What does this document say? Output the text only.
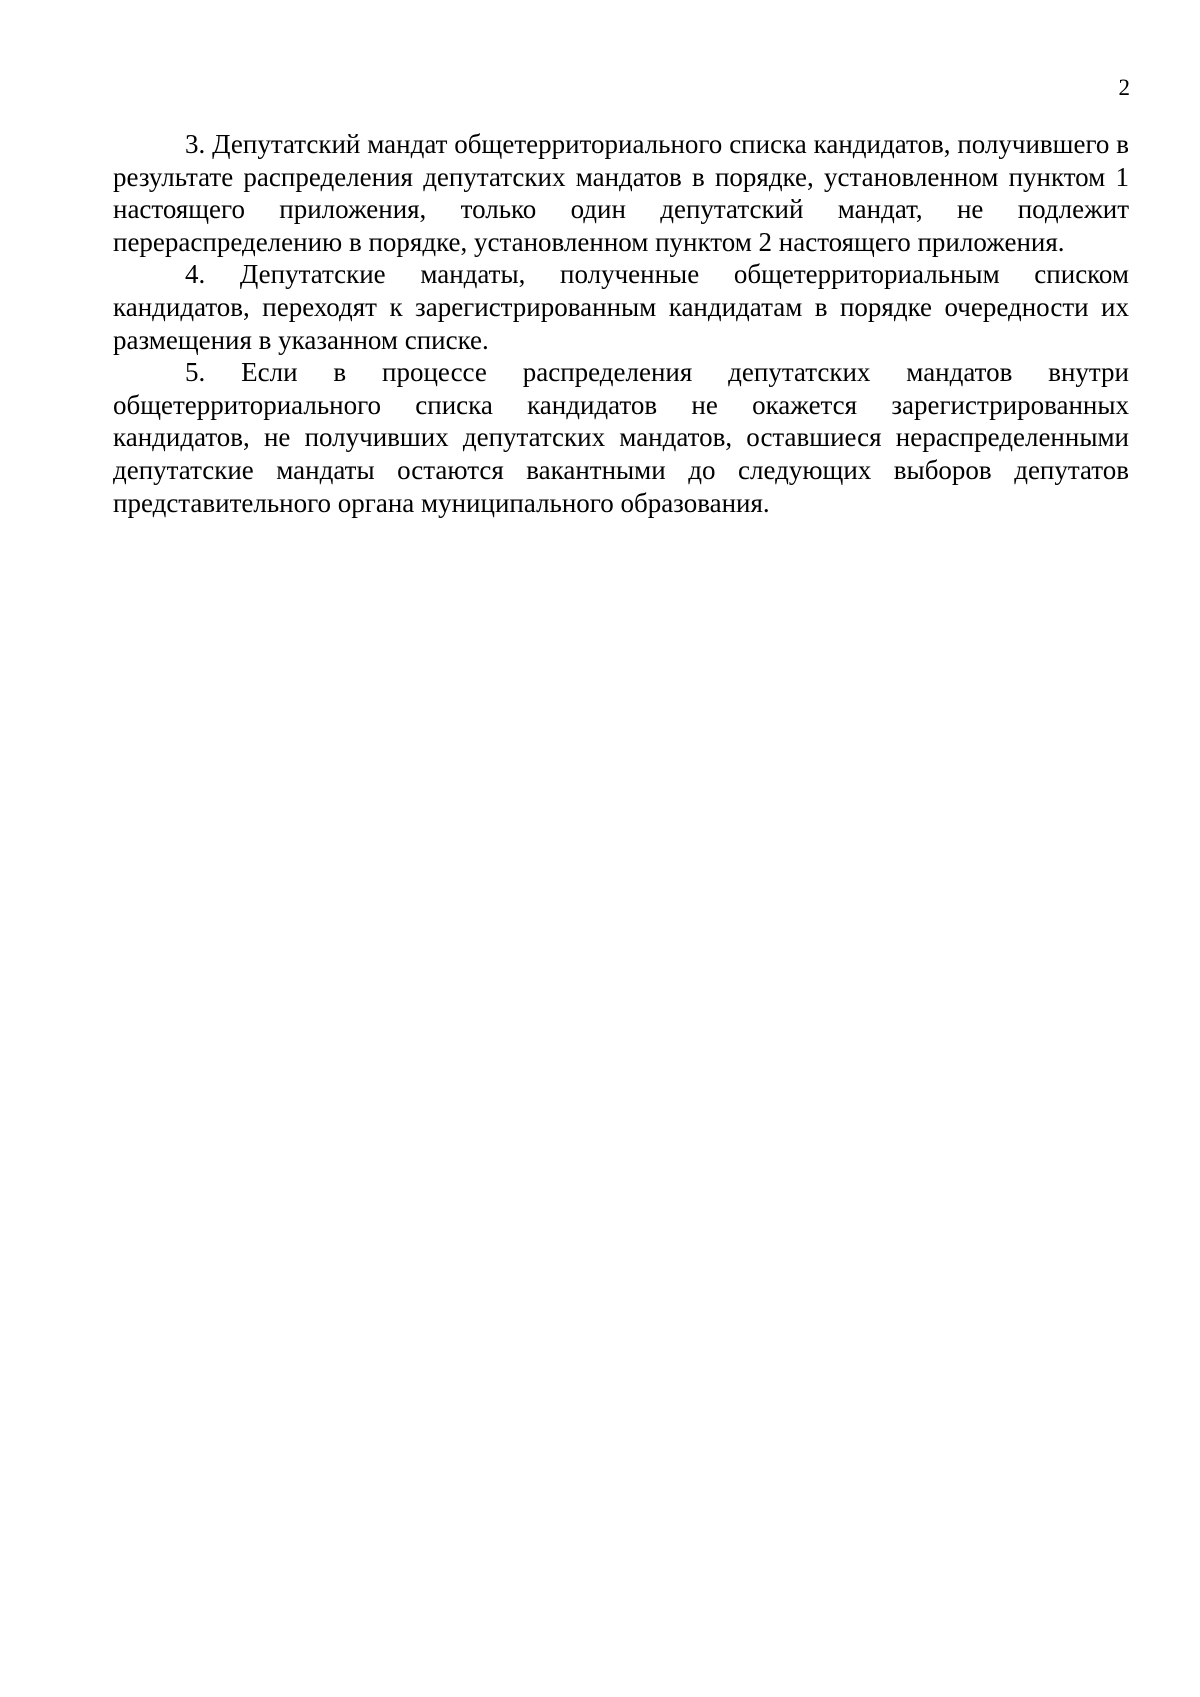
2

3. Депутатский мандат общетерриториального списка кандидатов, получившего в результате распределения депутатских мандатов в порядке, установленном пунктом 1 настоящего приложения, только один депутатский мандат, не подлежит перераспределению в порядке, установленном пунктом 2 настоящего приложения.

4. Депутатские мандаты, полученные общетерриториальным списком кандидатов, переходят к зарегистрированным кандидатам в порядке очередности их размещения в указанном списке.

5. Если в процессе распределения депутатских мандатов внутри общетерриториального списка кандидатов не окажется зарегистрированных кандидатов, не получивших депутатских мандатов, оставшиеся нераспределенными депутатские мандаты остаются вакантными до следующих выборов депутатов представительного органа муниципального образования.
